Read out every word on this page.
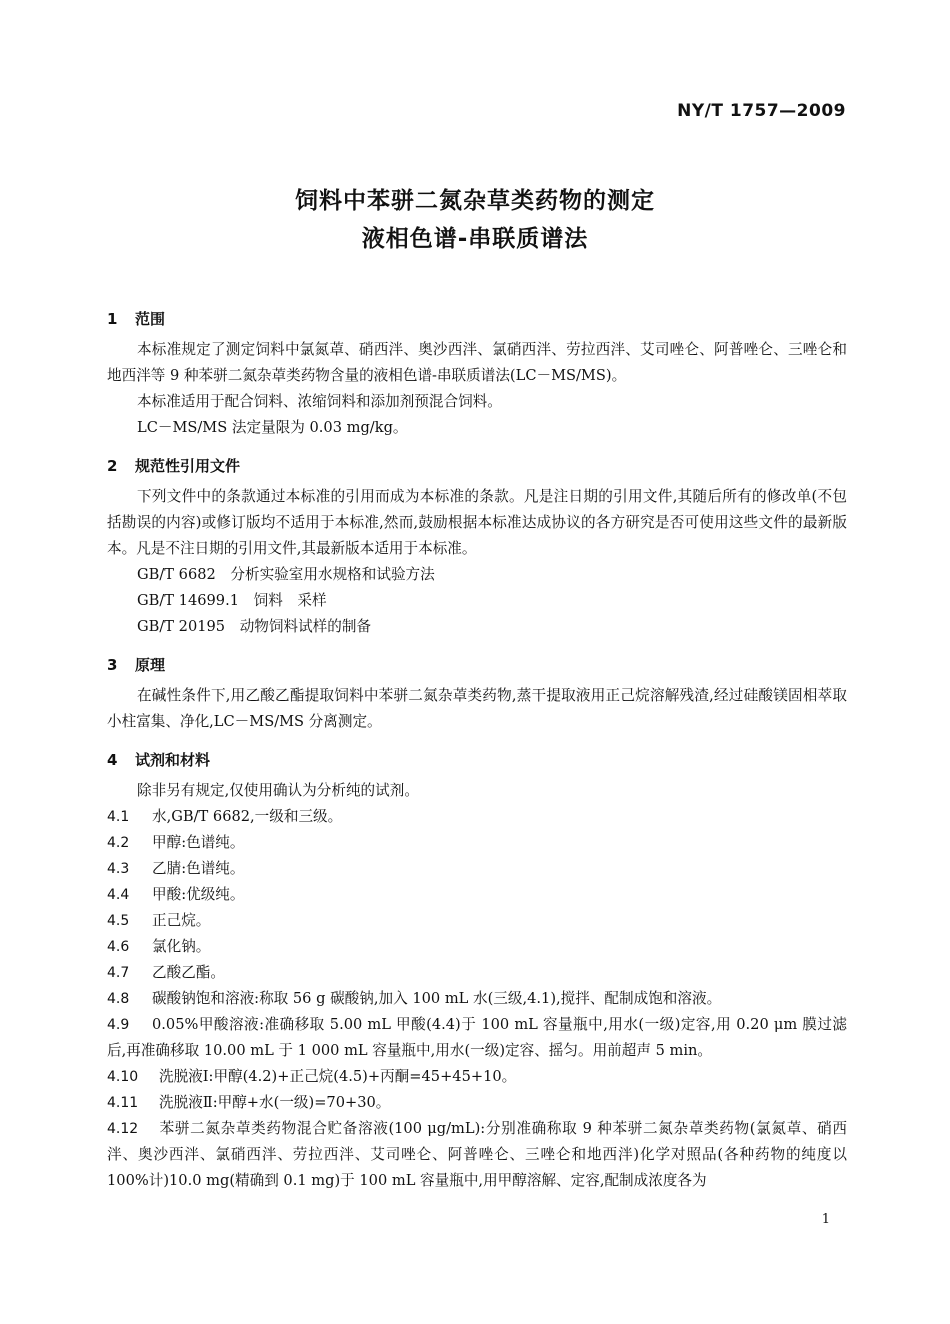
NY/T 1757—2009
饲料中苯骈二氮杂草类药物的测定
液相色谱-串联质谱法
1 范围
本标准规定了测定饲料中氯氮䓬、硝西泮、奥沙西泮、氯硝西泮、劳拉西泮、艾司唑仑、阿普唑仑、三唑仑和地西泮等 9 种苯骈二氮杂䓬类药物含量的液相色谱-串联质谱法(LC－MS/MS)。
本标准适用于配合饲料、浓缩饲料和添加剂预混合饲料。
LC－MS/MS 法定量限为 0.03 mg/kg。
2 规范性引用文件
下列文件中的条款通过本标准的引用而成为本标准的条款。凡是注日期的引用文件,其随后所有的修改单(不包括勘误的内容)或修订版均不适用于本标准,然而,鼓励根据本标准达成协议的各方研究是否可使用这些文件的最新版本。凡是不注日期的引用文件,其最新版本适用于本标准。
GB/T 6682　分析实验室用水规格和试验方法
GB/T 14699.1　饲料　采样
GB/T 20195　动物饲料试样的制备
3 原理
在碱性条件下,用乙酸乙酯提取饲料中苯骈二氮杂䓬类药物,蒸干提取液用正己烷溶解残渣,经过硅酸镁固相萃取小柱富集、净化,LC－MS/MS 分离测定。
4 试剂和材料
除非另有规定,仅使用确认为分析纯的试剂。
4.1 水,GB/T 6682,一级和三级。
4.2 甲醇:色谱纯。
4.3 乙腈:色谱纯。
4.4 甲酸:优级纯。
4.5 正己烷。
4.6 氯化钠。
4.7 乙酸乙酯。
4.8 碳酸钠饱和溶液:称取 56 g 碳酸钠,加入 100 mL 水(三级,4.1),搅拌、配制成饱和溶液。
4.9 0.05%甲酸溶液:准确移取 5.00 mL 甲酸(4.4)于 100 mL 容量瓶中,用水(一级)定容,用 0.20 μm 膜过滤后,再准确移取 10.00 mL 于 1 000 mL 容量瓶中,用水(一级)定容、摇匀。用前超声 5 min。
4.10 洗脱液Ⅰ:甲醇(4.2)+正己烷(4.5)+丙酮=45+45+10。
4.11 洗脱液Ⅱ:甲醇+水(一级)=70+30。
4.12 苯骈二氮杂䓬类药物混合贮备溶液(100 μg/mL):分别准确称取 9 种苯骈二氮杂䓬类药物(氯氮䓬、硝西泮、奥沙西泮、氯硝西泮、劳拉西泮、艾司唑仑、阿普唑仑、三唑仑和地西泮)化学对照品(各种药物的纯度以 100%计)10.0 mg(精确到 0.1 mg)于 100 mL 容量瓶中,用甲醇溶解、定容,配制成浓度各为
1
